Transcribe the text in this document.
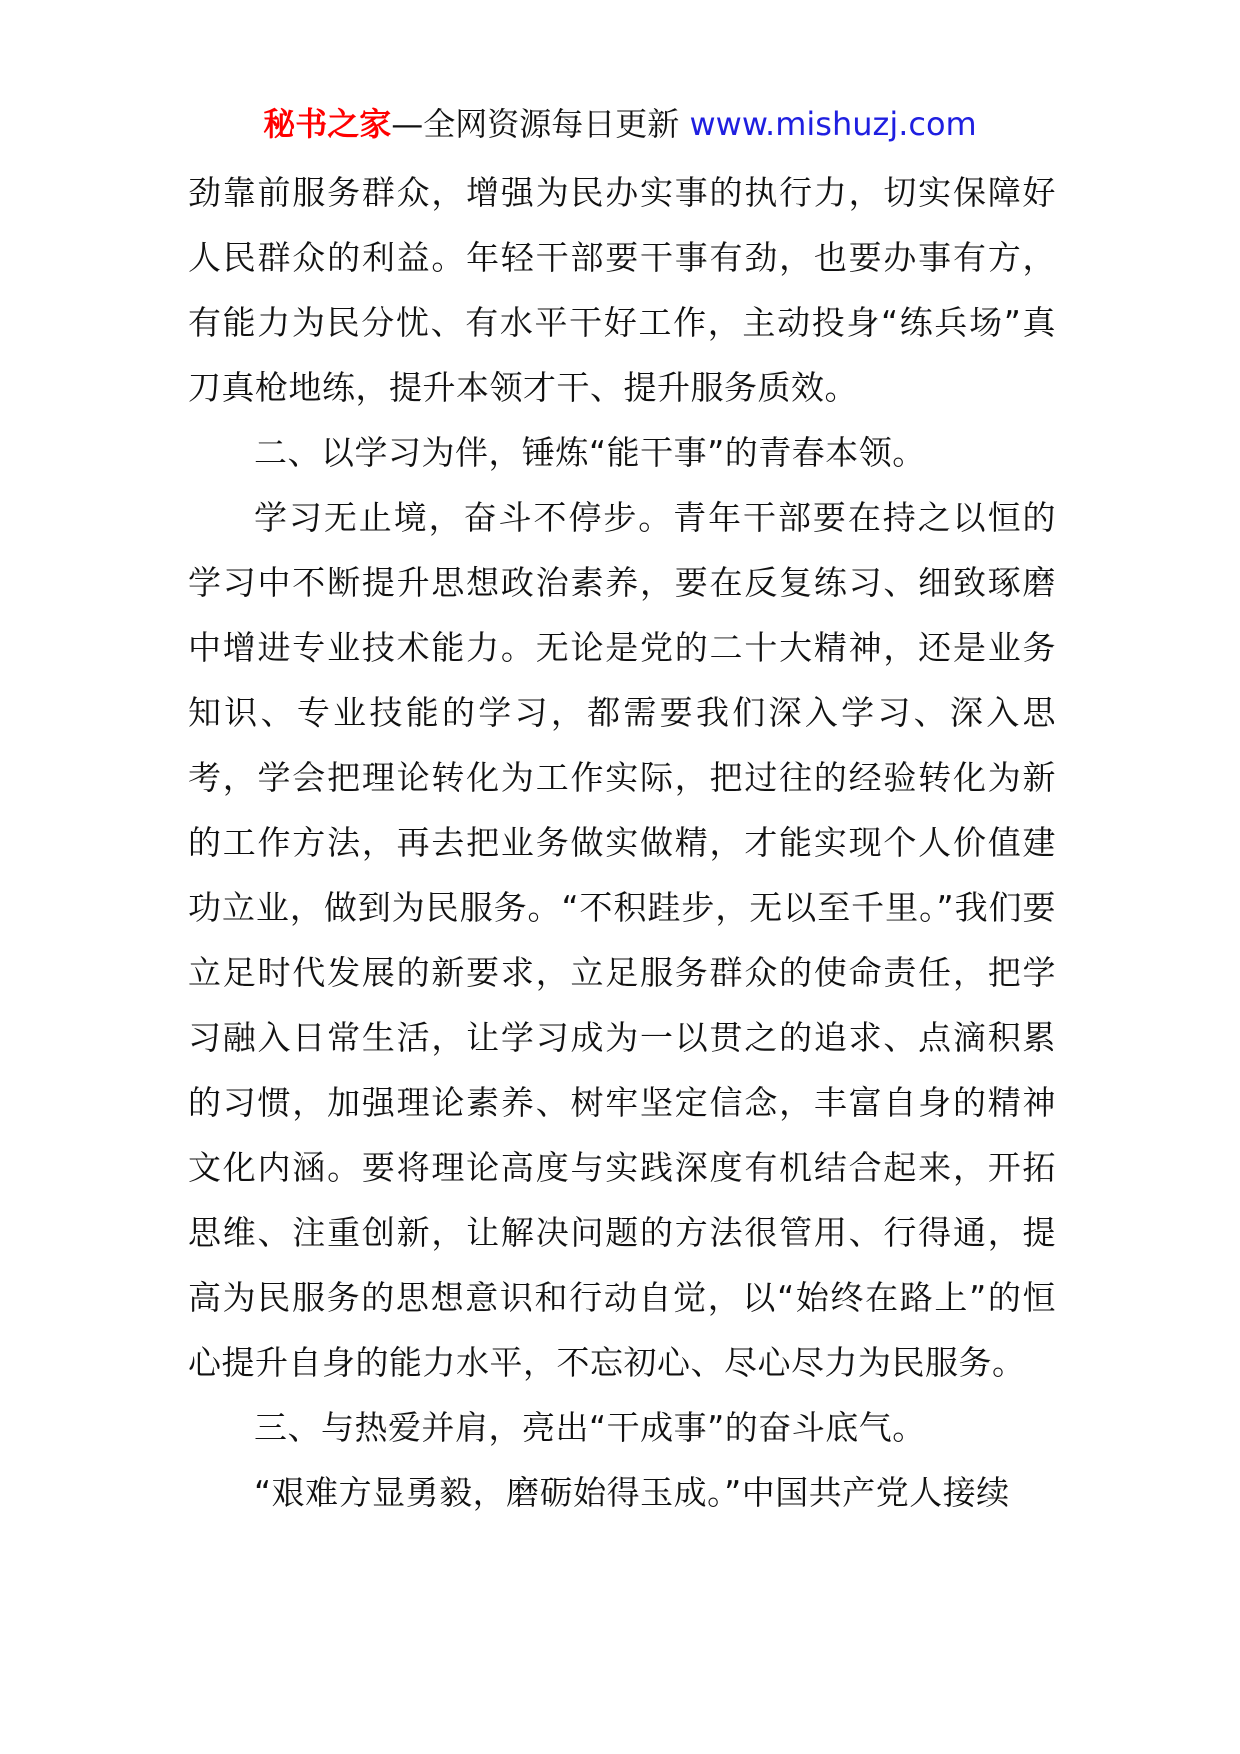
秘书之家—全网资源每日更新 www.mishuzj.com

劲靠前服务群众，增强为民办实事的执行力，切实保障好人民群众的利益。年轻干部要干事有劲，也要办事有方，有能力为民分忧、有水平干好工作，主动投身“练兵场”真刀真枪地练，提升本领才干、提升服务质效。

二、以学习为伴，锤炼“能干事”的青春本领。

学习无止境，奋斗不停步。青年干部要在持之以恒的学习中不断提升思想政治素养，要在反复练习、细致琢磨中增进专业技术能力。无论是党的二十大精神，还是业务知识、专业技能的学习，都需要我们深入学习、深入思考，学会把理论转化为工作实际，把过往的经验转化为新的工作方法，再去把业务做实做精，才能实现个人价值建功立业，做到为民服务。“不积跬步，无以至千里。”我们要立足时代发展的新要求，立足服务群众的使命责任，把学习融入日常生活，让学习成为一以贯之的追求、点滴积累的习惯，加强理论素养、树牢坚定信念，丰富自身的精神文化内涵。要将理论高度与实践深度有机结合起来，开拓思维、注重创新，让解决问题的方法很管用、行得通，提高为民服务的思想意识和行动自觉，以“始终在路上”的恒心提升自身的能力水平，不忘初心、尽心尽力为民服务。

三、与热爱并肩，亮出“干成事”的奋斗底气。

“艰难方显勇毅，磨砺始得玉成。”中国共产党人接续
